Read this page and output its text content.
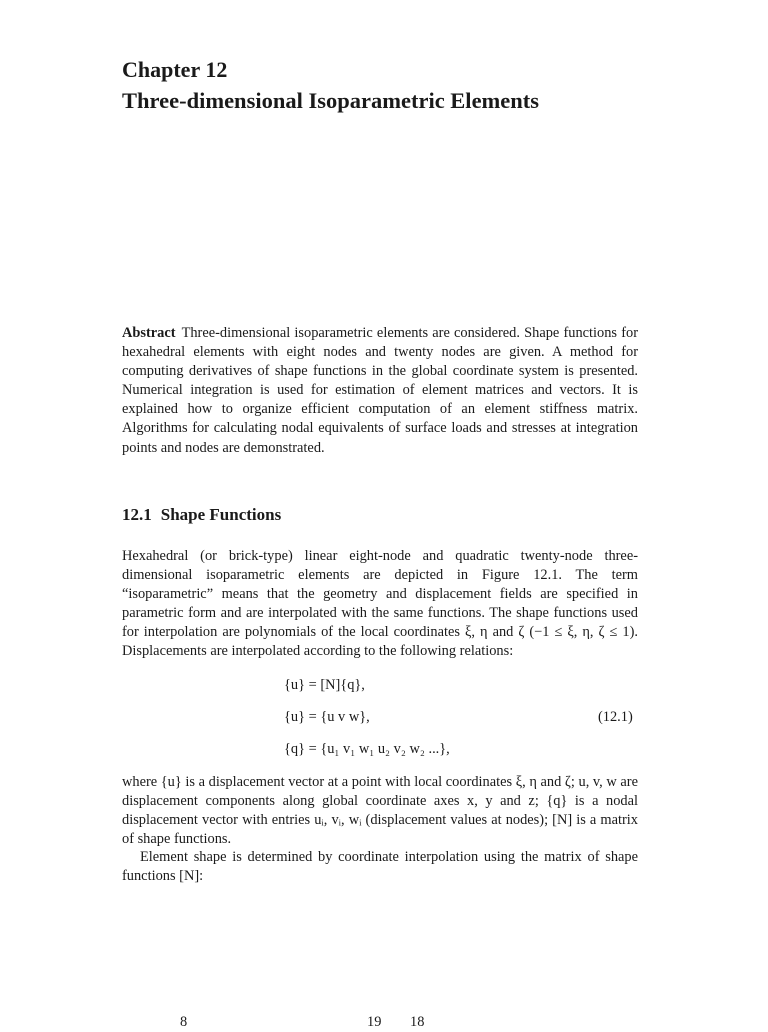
Chapter 12
Three-dimensional Isoparametric Elements

Abstract Three-dimensional isoparametric elements are considered. Shape functions for hexahedral elements with eight nodes and twenty nodes are given. A method for computing derivatives of shape functions in the global coordinate system is presented. Numerical integration is used for estimation of element matrices and vectors. It is explained how to organize efficient computation of an element stiffness matrix. Algorithms for calculating nodal equivalents of surface loads and stresses at integration points and nodes are demonstrated.

12.1 Shape Functions

Hexahedral (or brick-type) linear eight-node and quadratic twenty-node three-dimensional isoparametric elements are depicted in Figure 12.1. The term “isoparametric” means that the geometry and displacement fields are specified in parametric form and are interpolated with the same functions. The shape functions used for interpolation are polynomials of the local coordinates ξ, η and ζ (−1 ≤ ξ, η, ζ ≤ 1). Displacements are interpolated according to the following relations:

{u} = [N]{q},
{u} = {u v w},
{q} = {u₁ v₁ w₁ u₂ v₂ w₂ ...},
(12.1)

where {u} is a displacement vector at a point with local coordinates ξ, η and ζ; u, v, w are displacement components along global coordinate axes x, y and z; {q} is a nodal displacement vector with entries uᵢ, vᵢ, wᵢ (displacement values at nodes); [N] is a matrix of shape functions.

Element shape is determined by coordinate interpolation using the matrix of shape functions [N]:

8	19 18
